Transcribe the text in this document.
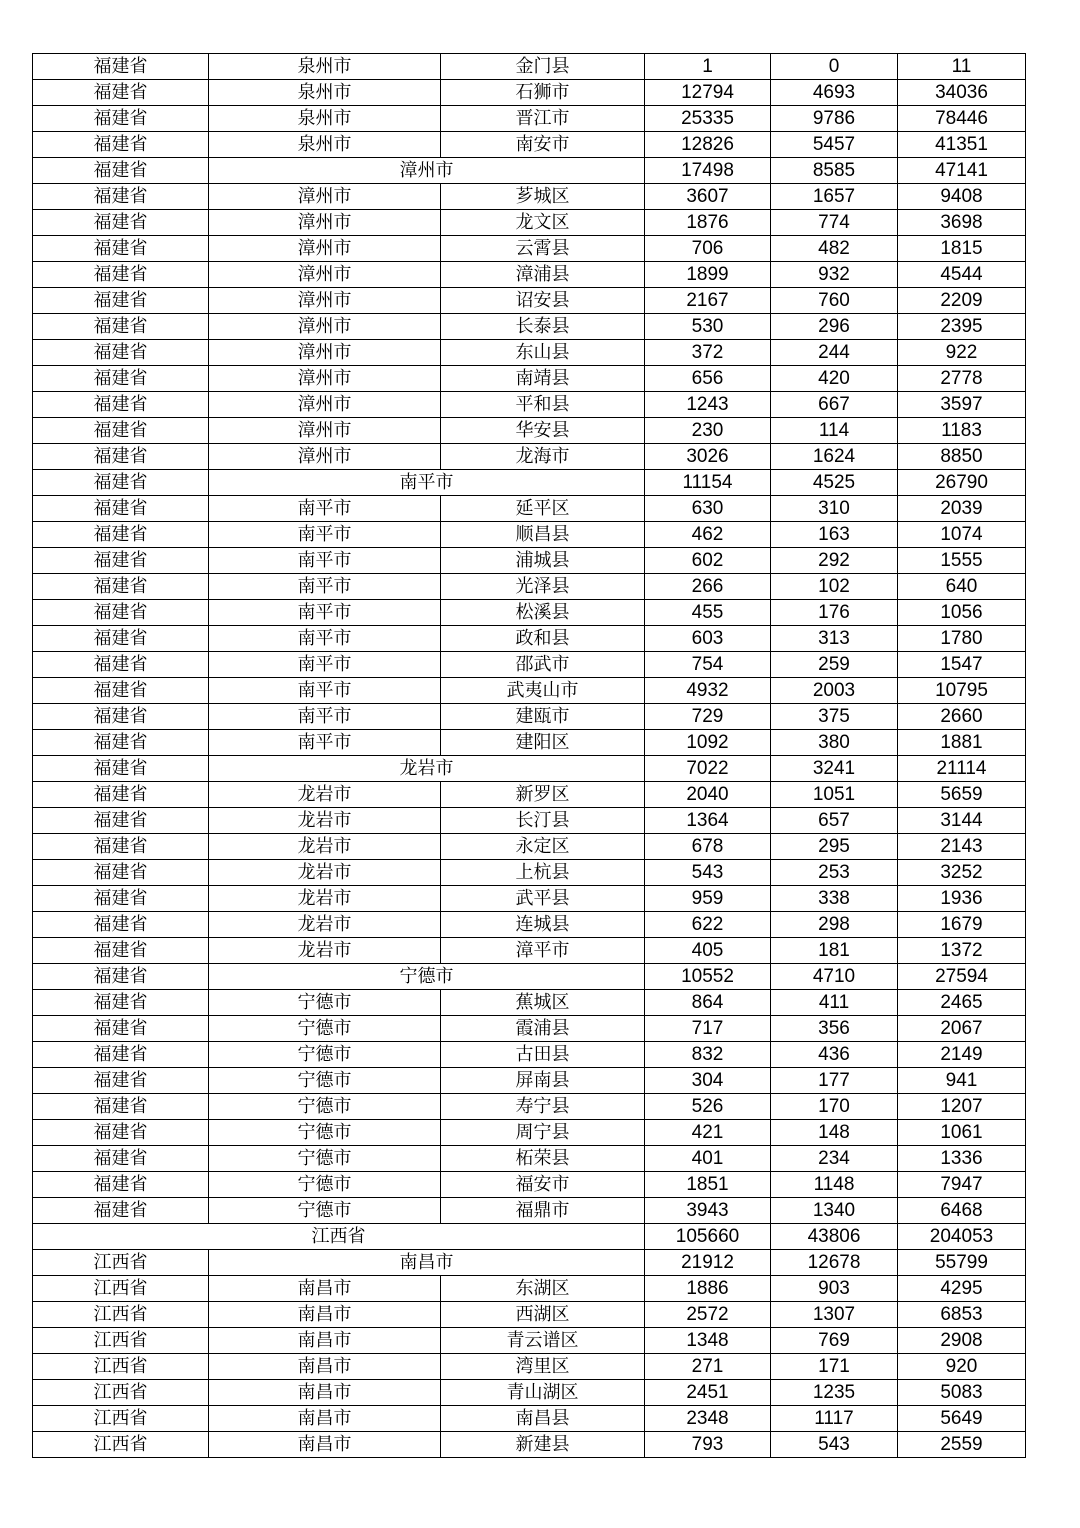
福建省	泉州市	金门县	1	0	11
福建省	泉州市	石狮市	12794	4693	34036
福建省	泉州市	晋江市	25335	9786	78446
福建省	泉州市	南安市	12826	5457	41351
福建省	漳州市		17498	8585	47141
福建省	漳州市	芗城区	3607	1657	9408
福建省	漳州市	龙文区	1876	774	3698
福建省	漳州市	云霄县	706	482	1815
福建省	漳州市	漳浦县	1899	932	4544
福建省	漳州市	诏安县	2167	760	2209
福建省	漳州市	长泰县	530	296	2395
福建省	漳州市	东山县	372	244	922
福建省	漳州市	南靖县	656	420	2778
福建省	漳州市	平和县	1243	667	3597
福建省	漳州市	华安县	230	114	1183
福建省	漳州市	龙海市	3026	1624	8850
福建省	南平市		11154	4525	26790
福建省	南平市	延平区	630	310	2039
福建省	南平市	顺昌县	462	163	1074
福建省	南平市	浦城县	602	292	1555
福建省	南平市	光泽县	266	102	640
福建省	南平市	松溪县	455	176	1056
福建省	南平市	政和县	603	313	1780
福建省	南平市	邵武市	754	259	1547
福建省	南平市	武夷山市	4932	2003	10795
福建省	南平市	建瓯市	729	375	2660
福建省	南平市	建阳区	1092	380	1881
福建省	龙岩市		7022	3241	21114
福建省	龙岩市	新罗区	2040	1051	5659
福建省	龙岩市	长汀县	1364	657	3144
福建省	龙岩市	永定区	678	295	2143
福建省	龙岩市	上杭县	543	253	3252
福建省	龙岩市	武平县	959	338	1936
福建省	龙岩市	连城县	622	298	1679
福建省	龙岩市	漳平市	405	181	1372
福建省	宁德市		10552	4710	27594
福建省	宁德市	蕉城区	864	411	2465
福建省	宁德市	霞浦县	717	356	2067
福建省	宁德市	古田县	832	436	2149
福建省	宁德市	屏南县	304	177	941
福建省	宁德市	寿宁县	526	170	1207
福建省	宁德市	周宁县	421	148	1061
福建省	宁德市	柘荣县	401	234	1336
福建省	宁德市	福安市	1851	1148	7947
福建省	宁德市	福鼎市	3943	1340	6468
江西省			105660	43806	204053
江西省	南昌市		21912	12678	55799
江西省	南昌市	东湖区	1886	903	4295
江西省	南昌市	西湖区	2572	1307	6853
江西省	南昌市	青云谱区	1348	769	2908
江西省	南昌市	湾里区	271	171	920
江西省	南昌市	青山湖区	2451	1235	5083
江西省	南昌市	南昌县	2348	1117	5649
江西省	南昌市	新建县	793	543	2559
